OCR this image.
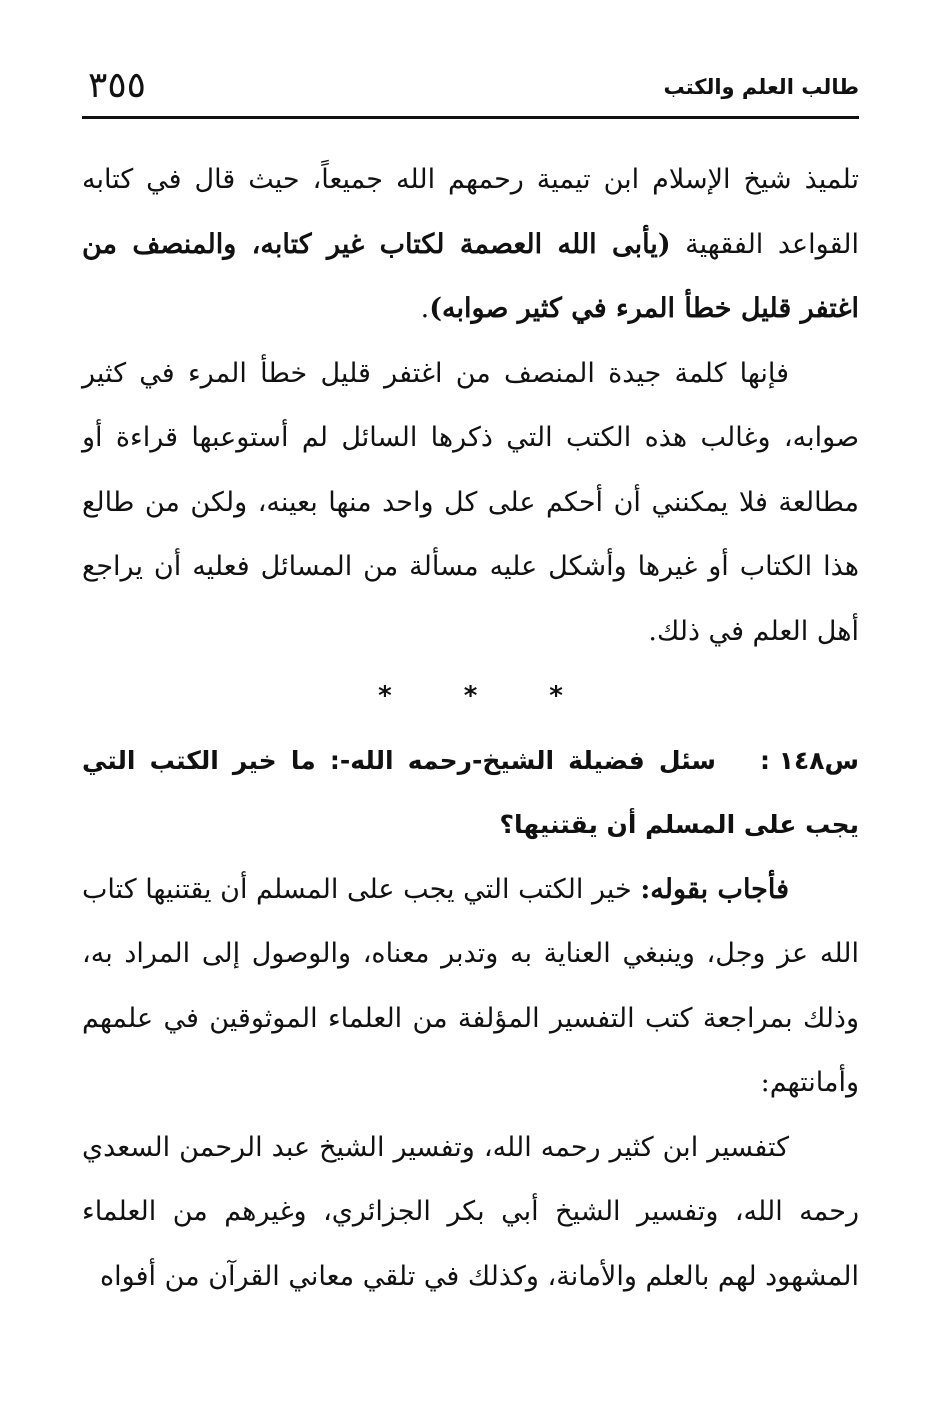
طالب العلم والكتب
٣٥٥

تلميذ شيخ الإسلام ابن تيمية رحمهم الله جميعاً، حيث قال في كتابه القواعد الفقهية (يأبى الله العصمة لكتاب غير كتابه، والمنصف من اغتفر قليل خطأ المرء في كثير صوابه).

فإنها كلمة جيدة المنصف من اغتفر قليل خطأ المرء في كثير صوابه، وغالب هذه الكتب التي ذكرها السائل لم أستوعبها قراءة أو مطالعة فلا يمكنني أن أحكم على كل واحد منها بعينه، ولكن من طالع هذا الكتاب أو غيرها وأشكل عليه مسألة من المسائل فعليه أن يراجع أهل العلم في ذلك.

*	*	*

س١٤٨ :سئل فضيلة الشيخ-رحمه الله-: ما خير الكتب التي يجب على المسلم أن يقتنيها؟

فأجاب بقوله: خير الكتب التي يجب على المسلم أن يقتنيها كتاب الله عز وجل، وينبغي العناية به وتدبر معناه، والوصول إلى المراد به، وذلك بمراجعة كتب التفسير المؤلفة من العلماء الموثوقين في علمهم وأمانتهم:

كتفسير ابن كثير رحمه الله، وتفسير الشيخ عبد الرحمن السعدي رحمه الله، وتفسير الشيخ أبي بكر الجزائري، وغيرهم من العلماء المشهود لهم بالعلم والأمانة، وكذلك في تلقي معاني القرآن من أفواه
